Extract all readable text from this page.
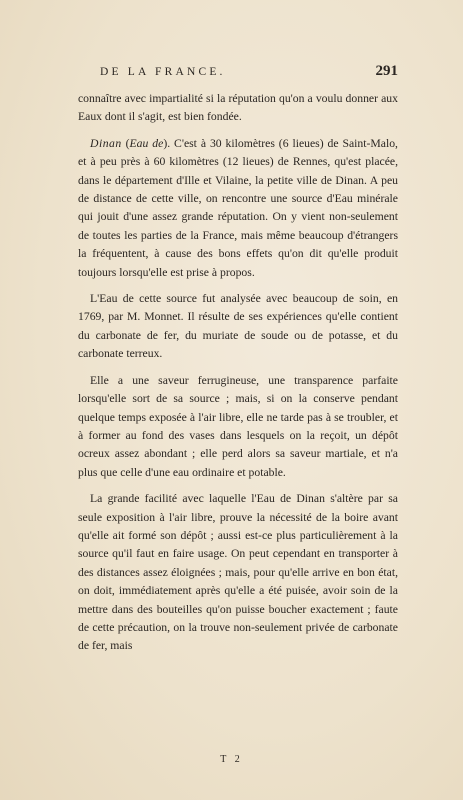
DE LA FRANCE.	291

connaître avec impartialité si la réputation qu'on a voulu donner aux Eaux dont il s'agit, est bien fondée.

Dinan (Eau de). C'est à 30 kilomètres (6 lieues) de Saint-Malo, et à peu près à 60 kilomètres (12 lieues) de Rennes, qu'est placée, dans le département d'Ille et Vilaine, la petite ville de Dinan. A peu de distance de cette ville, on rencontre une source d'Eau minérale qui jouit d'une assez grande réputation. On y vient non-seulement de toutes les parties de la France, mais même beaucoup d'étrangers la fréquentent, à cause des bons effets qu'on dit qu'elle produit toujours lorsqu'elle est prise à propos.

L'Eau de cette source fut analysée avec beaucoup de soin, en 1769, par M. Monnet. Il résulte de ses expériences qu'elle contient du carbonate de fer, du muriate de soude ou de potasse, et du carbonate terreux.

Elle a une saveur ferrugineuse, une transparence parfaite lorsqu'elle sort de sa source ; mais, si on la conserve pendant quelque temps exposée à l'air libre, elle ne tarde pas à se troubler, et à former au fond des vases dans lesquels on la reçoit, un dépôt ocreux assez abondant ; elle perd alors sa saveur martiale, et n'a plus que celle d'une eau ordinaire et potable.

La grande facilité avec laquelle l'Eau de Dinan s'altère par sa seule exposition à l'air libre, prouve la nécessité de la boire avant qu'elle ait formé son dépôt ; aussi est-ce plus particulièrement à la source qu'il faut en faire usage. On peut cependant en transporter à des distances assez éloignées ; mais, pour qu'elle arrive en bon état, on doit, immédiatement après qu'elle a été puisée, avoir soin de la mettre dans des bouteilles qu'on puisse boucher exactement ; faute de cette précaution, on la trouve non-seulement privée de carbonate de fer, mais

T 2
